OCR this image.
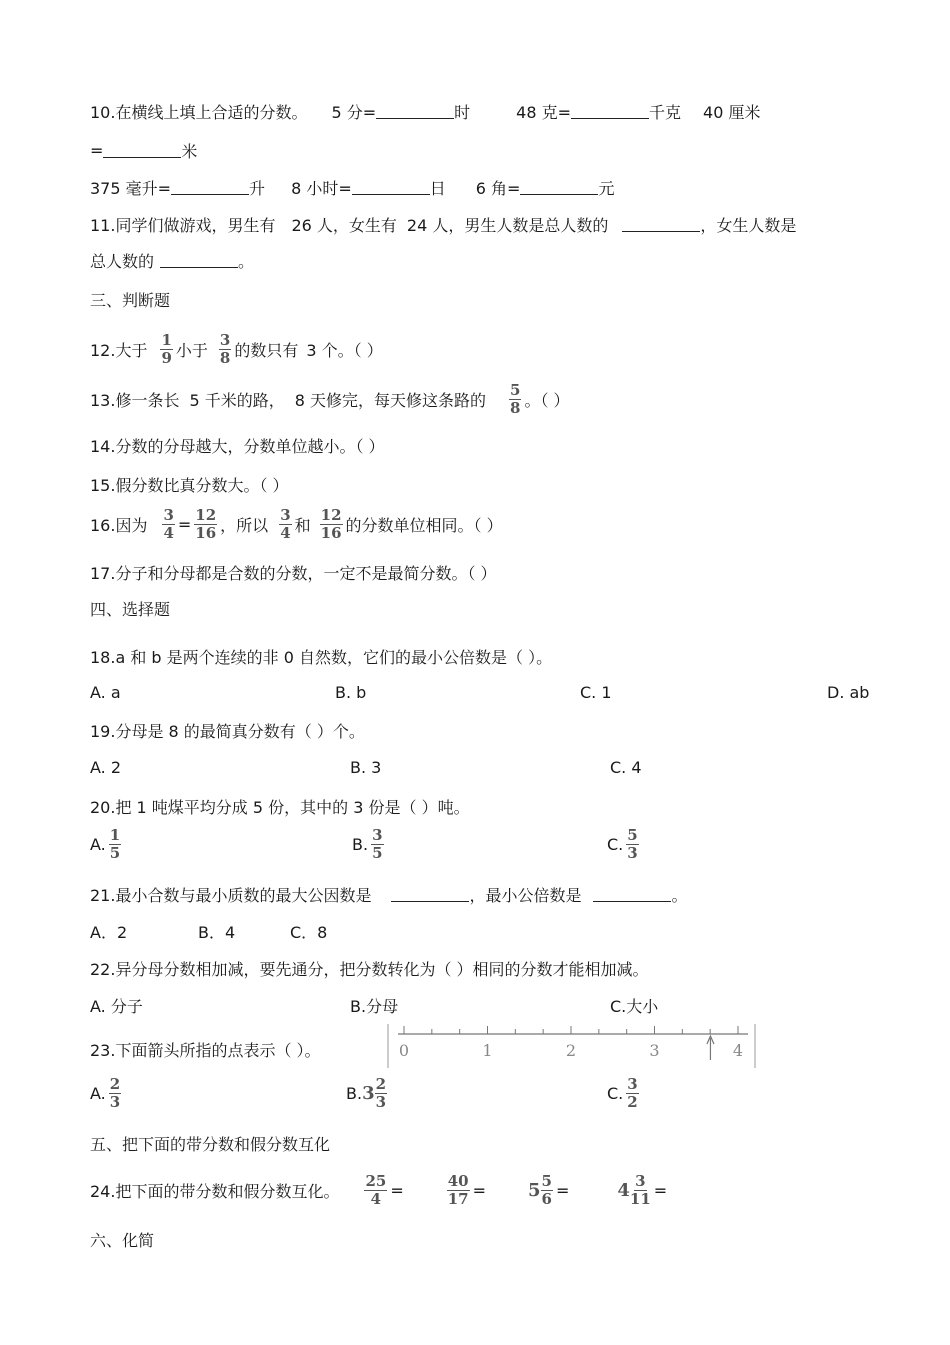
10.在横线上填上合适的分数。 5 分=	时	48 克=	千克 40 厘米
=	米
375 毫升=	升 8 小时=	日 6 角=	元
11.同学们做游戏，男生有 26 人，女生有 24 人，男生人数是总人数的	，女生人数是
总人数的	。
三、判断题
12.大于 $\frac{1}{9}$ 小于 $\frac{3}{8}$ 的数只有 3 个。（ ）
13.修一条长 5 千米的路， 8 天修完，每天修这条路的 $\frac{5}{8}$ 。（ ）
14.分数的分母越大，分数单位越小。（ ）
15.假分数比真分数大。（ ）
16.因为 $\frac{3}{4} = \frac{12}{16}$ ，所以 $\frac{3}{4}$ 和 $\frac{12}{16}$ 的分数单位相同。（ ）
17.分子和分母都是合数的分数，一定不是最简分数。（ ）
四、选择题
18.a 和 b 是两个连续的非 0 自然数，它们的最小公倍数是（ ）。
A. a	B. b	C. 1	D. ab
19.分母是 8 的最简真分数有（ ）个。
A. 2	B. 3	C. 4
20.把 1 吨煤平均分成 5 份，其中的 3 份是（ ）吨。
A. $\frac{1}{5}$	B. $\frac{3}{5}$	C. $\frac{5}{3}$
21.最小合数与最小质数的最大公因数是	，最小公倍数是	。
A．2	B．4	C．8
22.异分母分数相加减，要先通分，把分数转化为（ ）相同的分数才能相加减。
A. 分子	B.分母	C.大小
23.下面箭头所指的点表示（ ）。	0	1	2	3	4
A. $\frac{2}{3}$	B. $3 \frac{2}{3}$	C. $\frac{3}{2}$
五、把下面的带分数和假分数互化
24.把下面的带分数和假分数互化。 $\frac{25}{4}$ =	$\frac{40}{17} = 5 \frac{5}{6}$ =	$4 \frac{3}{11}$ =
六、化简
